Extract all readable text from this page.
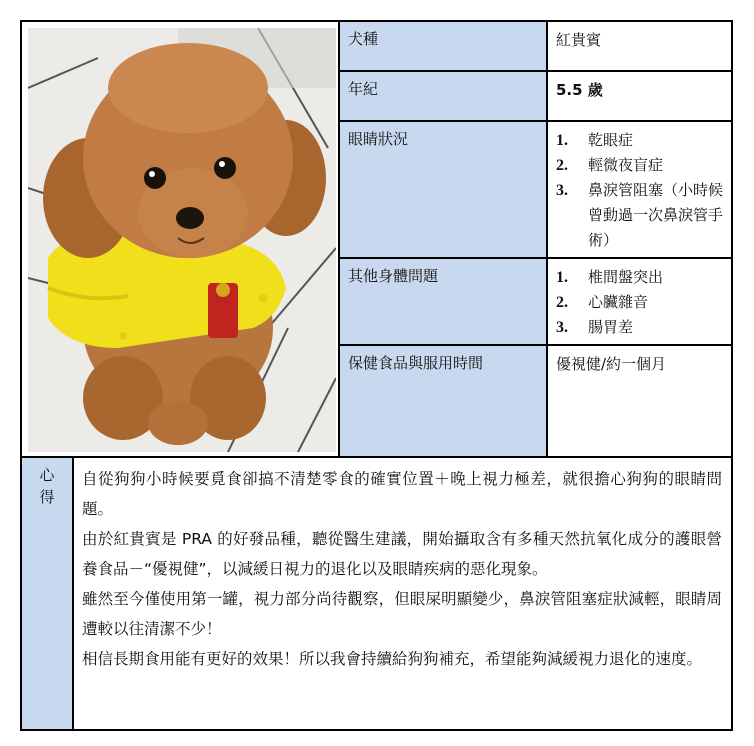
犬種	紅貴賓
年紀	5.5 歲
眼睛狀況	1.	乾眼症
2.	輕微夜盲症
3.	鼻淚管阻塞（小時候曾動過一次鼻淚管手術）
其他身體問題	1.	椎間盤突出
2.	心臟雜音
3.	腸胃差
保健食品與服用時間	優視健/約一個月
心
得

自從狗狗小時候要覓食卻搞不清楚零食的確實位置＋晚上視力極差，就很擔心狗狗的眼睛問題。

由於紅貴賓是 PRA 的好發品種，聽從醫生建議，開始攝取含有多種天然抗氧化成分的護眼營養食品－“優視健”，以減緩日視力的退化以及眼睛疾病的惡化現象。

雖然至今僅使用第一罐，視力部分尚待觀察，但眼屎明顯變少，鼻淚管阻塞症狀減輕，眼睛周遭較以往清潔不少！

相信長期食用能有更好的效果！所以我會持續給狗狗補充，希望能夠減緩視力退化的速度。
